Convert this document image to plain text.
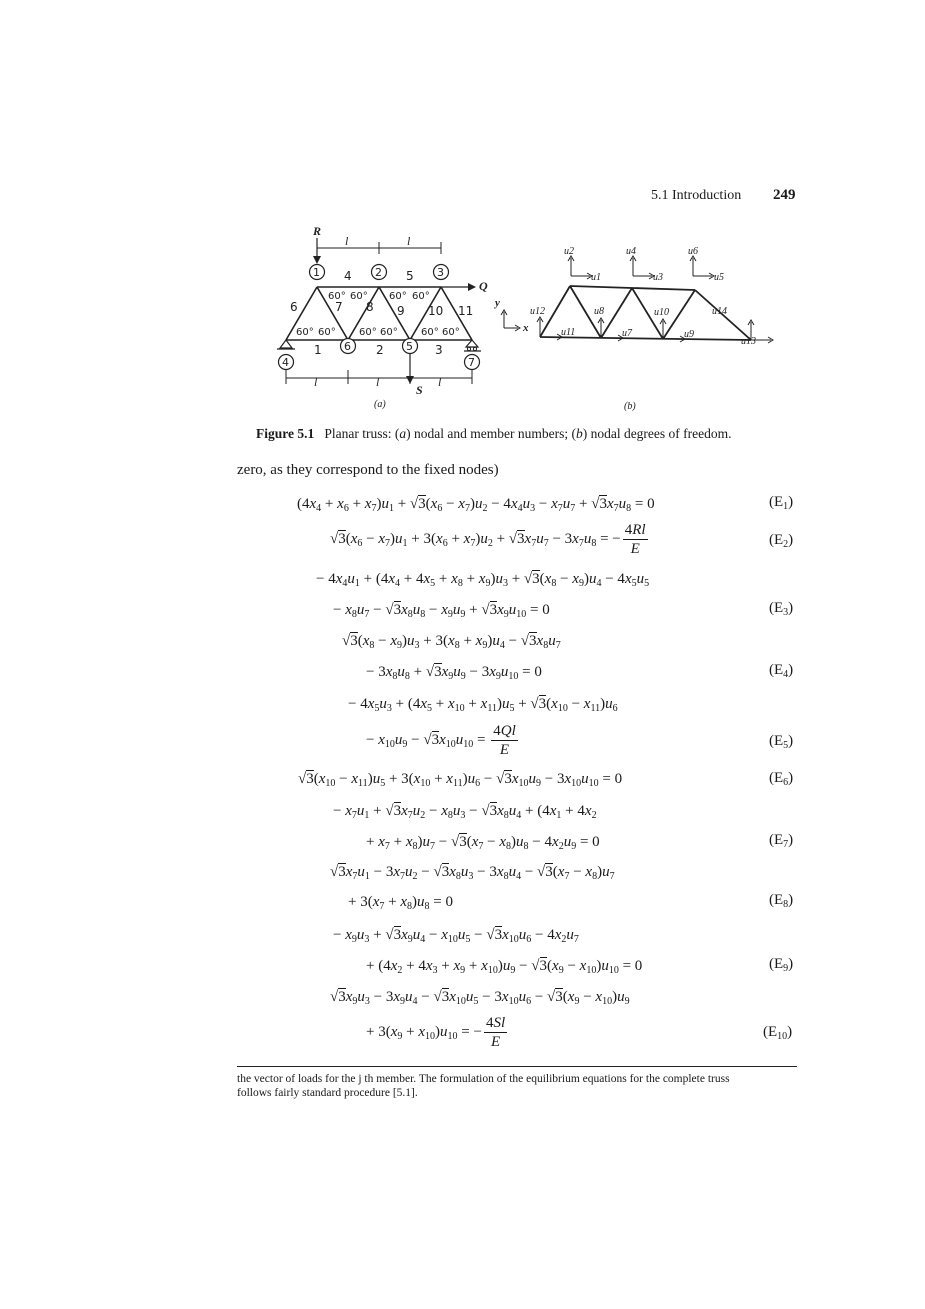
5.1 Introduction 249
R
l	l
Q
S
l	l	l
1	2	3
4
5
6
7
1	2	3
4	5
6	7 8 9 10 11
60° 60° 60° 60° 60° 60°
60° 60° 60° 60°
(a)
u2
u1
u4
u3
u6
u5
u12	u8	u10	u14
u11	u7	u9
u13
y
x
(b)
Figure 5.1 Planar truss: (a) nodal and member numbers; (b) nodal degrees of freedom.
zero, as they correspond to the fixed nodes)
$(4x_4 + x_6 + x_7)u_1 + √3(x_6 - x_7)u_2 - 4x_4u_3 - x_7u_7 + √3x_7u_8 = 0$	$(E_1)$
$√3(x_6 - x_7)u_1 + 3(x_6 + x_7)u_2 + √3x_7u_7 - 3x_7u_8$ = − $\frac{4Rl}{E}$	$(E_2)$
− $4x_4u_1 + (4x_4 + 4x_5 + x_8 + x_9)u_3 + √3(x_8 - x_9)u_4 - 4x_5u_5$
− $x_8u_7 - √3x_8u_8 - x_9u_9 + √3x_9u_{10} = 0$	$(E_3)$
$√3(x_8 - x_9)u_3 + 3(x_8 + x_9)u_4 - √3x_8u_7$
− $3x_8u_8 + √3x_9u_9 - 3x_9u_{10} = 0$	$(E_4)$
− $4x_5u_3 + (4x_5 + x_{10} + x_{11})u_5 + √3(x_{10} - x_{11})u_6$
− $x_{10}u_9 - √3x_{10}u_{10} = \frac{4Ql}{E}$	$(E_5)$
$√3(x_{10} - x_{11})u_5 + 3(x_{10} + x_{11})u_6 - √3x_{10}u_9 - 3x_{10}u_{10} = 0$	$(E_6)$
− $x_7u_1 + √3x_7u_2 - x_8u_3 - √3x_8u_4 + (4x_1 + 4x_2$
+ $x_7 + x_8)u_7 - √3(x_7 - x_8)u_8 - 4x_2u_9 = 0$	$(E_7)$
$√3x_7u_1 - 3x_7u_2 - √3x_8u_3 - 3x_8u_4 - √3(x_7 - x_8)u_7$
+ $3(x_7 + x_8)u_8 = 0$	$(E_8)$
− $x_9u_3 + √3x_9u_4 - x_{10}u_5 - √3x_{10}u_6 - 4x_2u_7$
+ $(4x_2 + 4x_3 + x_9 + x_{10})u_9 - √3(x_9 - x_{10})u_{10} = 0$	$(E_9)$
$√3x_9u_3 - 3x_9u_4 - √3x_{10}u_5 - 3x_{10}u_6 - √3(x_9 - x_{10})u_9$
+ $3(x_9 + x_{10})u_{10}$ = − $\frac{4Sl}{E}$	$(E_{10})$
the vector of loads for the j th member. The formulation of the equilibrium equations for the complete truss
follows fairly standard procedure [5.1].
